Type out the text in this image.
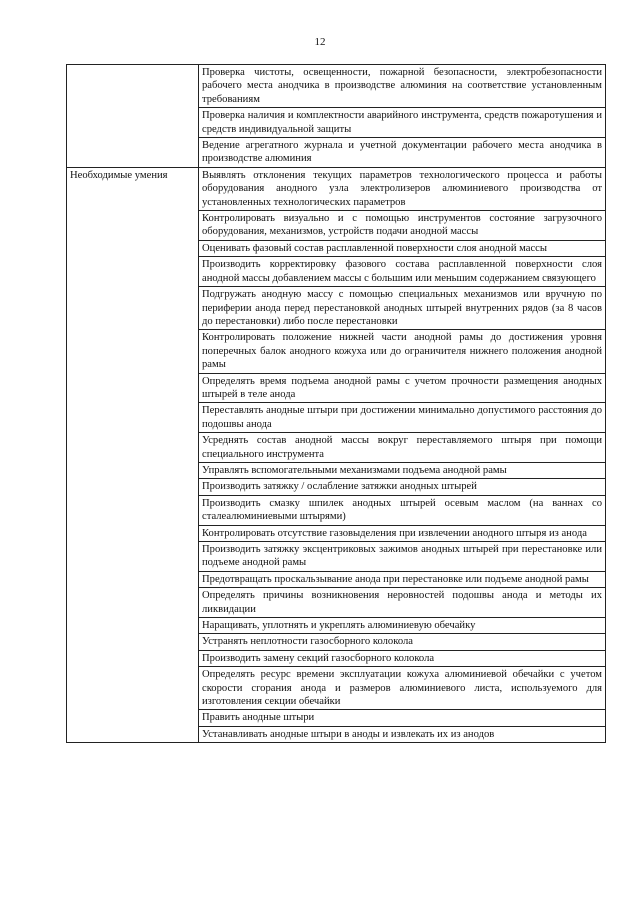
12
	Проверка чистоты, освещенности, пожарной безопасности, электробезопасности рабочего места анодчика в производстве алюминия на соответствие установленным требованиям
	Проверка наличия и комплектности аварийного инструмента, средств пожаротушения и средств индивидуальной защиты
	Ведение агрегатного журнала и учетной документации рабочего места анодчика в производстве алюминия
Необходимые умения	Выявлять отклонения текущих параметров технологического процесса и работы оборудования анодного узла электролизеров алюминиевого производства от установленных технологических параметров
	Контролировать визуально и с помощью инструментов состояние загрузочного оборудования, механизмов, устройств подачи анодной массы
	Оценивать фазовый состав расплавленной поверхности слоя анодной массы
	Производить корректировку фазового состава расплавленной поверхности слоя анодной массы добавлением массы с большим или меньшим содержанием связующего
	Подгружать анодную массу с помощью специальных механизмов или вручную по периферии анода перед перестановкой анодных штырей внутренних рядов (за 8 часов до перестановки) либо после перестановки
	Контролировать положение нижней части анодной рамы до достижения уровня поперечных балок анодного кожуха или до ограничителя нижнего положения анодной рамы
	Определять время подъема анодной рамы с учетом прочности размещения анодных штырей в теле анода
	Переставлять анодные штыри при достижении минимально допустимого расстояния до подошвы анода
	Усреднять состав анодной массы вокруг переставляемого штыря при помощи специального инструмента
	Управлять вспомогательными механизмами подъема анодной рамы
	Производить затяжку / ослабление затяжки анодных штырей
	Производить смазку шпилек анодных штырей осевым маслом (на ваннах со сталеалюминиевыми штырями)
	Контролировать отсутствие газовыделения при извлечении анодного штыря из анода
	Производить затяжку эксцентриковых зажимов анодных штырей при перестановке или подъеме анодной рамы
	Предотвращать проскальзывание анода при перестановке или подъеме анодной рамы
	Определять причины возникновения неровностей подошвы анода и методы их ликвидации
	Наращивать, уплотнять и укреплять алюминиевую обечайку
	Устранять неплотности газосборного колокола
	Производить замену секций газосборного колокола
	Определять ресурс времени эксплуатации кожуха алюминиевой обечайки с учетом скорости сгорания анода и размеров алюминиевого листа, используемого для изготовления секции обечайки
	Править анодные штыри
	Устанавливать анодные штыри в аноды и извлекать их из анодов
